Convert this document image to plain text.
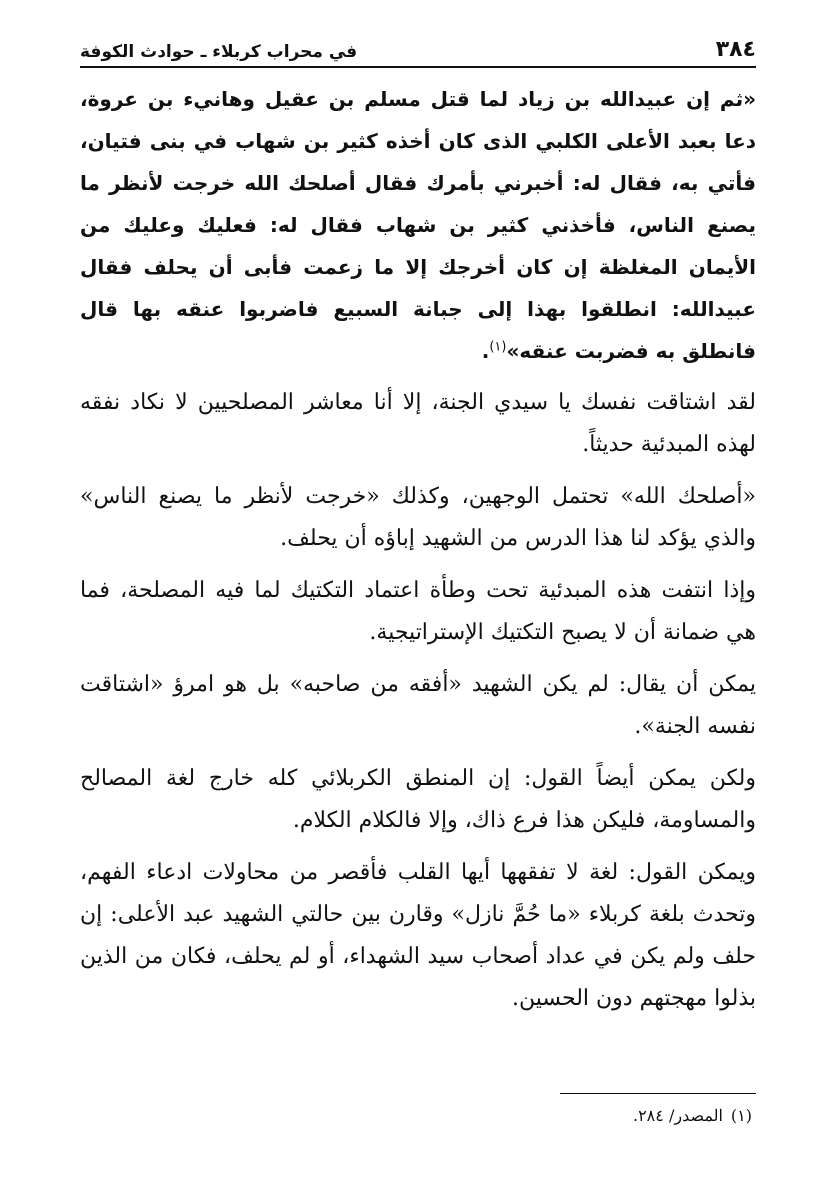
٣٨٤
في محراب كربلاء ـ حوادث الكوفة

«ثم إن عبيدالله بن زياد لما قتل مسلم بن عقيل وهانيء بن عروة، دعا بعبد الأعلى الكلبي الذى كان أخذه كثير بن شهاب في بنى فتيان، فأتي به، فقال له: أخبرني بأمرك فقال أصلحك الله خرجت لأنظر ما يصنع الناس، فأخذني كثير بن شهاب فقال له: فعليك وعليك من الأيمان المغلظة إن كان أخرجك إلا ما زعمت فأبى أن يحلف فقال عبيدالله: انطلقوا بهذا إلى جبانة السبيع فاضربوا عنقه بها قال فانطلق به فضربت عنقه»$^{(١)}$.

لقد اشتاقت نفسك يا سيدي الجنة، إلا أنا معاشر المصلحيين لا نكاد نفقه لهذه المبدئية حديثاً.

«أصلحك الله» تحتمل الوجهين، وكذلك «خرجت لأنظر ما يصنع الناس» والذي يؤكد لنا هذا الدرس من الشهيد إباؤه أن يحلف.

وإذا انتفت هذه المبدئية تحت وطأة اعتماد التكتيك لما فيه المصلحة، فما هي ضمانة أن لا يصبح التكتيك الإستراتيجية.

يمكن أن يقال: لم يكن الشهيد «أفقه من صاحبه» بل هو امرؤ «اشتاقت نفسه الجنة».

ولكن يمكن أيضاً القول: إن المنطق الكربلائي كله خارج لغة المصالح والمساومة، فليكن هذا فرع ذاك، وإلا فالكلام الكلام.

ويمكن القول: لغة لا تفقهها أيها القلب فأقصر من محاولات ادعاء الفهم، وتحدث بلغة كربلاء «ما حُمَّ نازل» وقارن بين حالتي الشهيد عبد الأعلى: إن حلف ولم يكن في عداد أصحاب سيد الشهداء، أو لم يحلف، فكان من الذين بذلوا مهجتهم دون الحسين.

(١)
المصدر/ ٢٨٤.
